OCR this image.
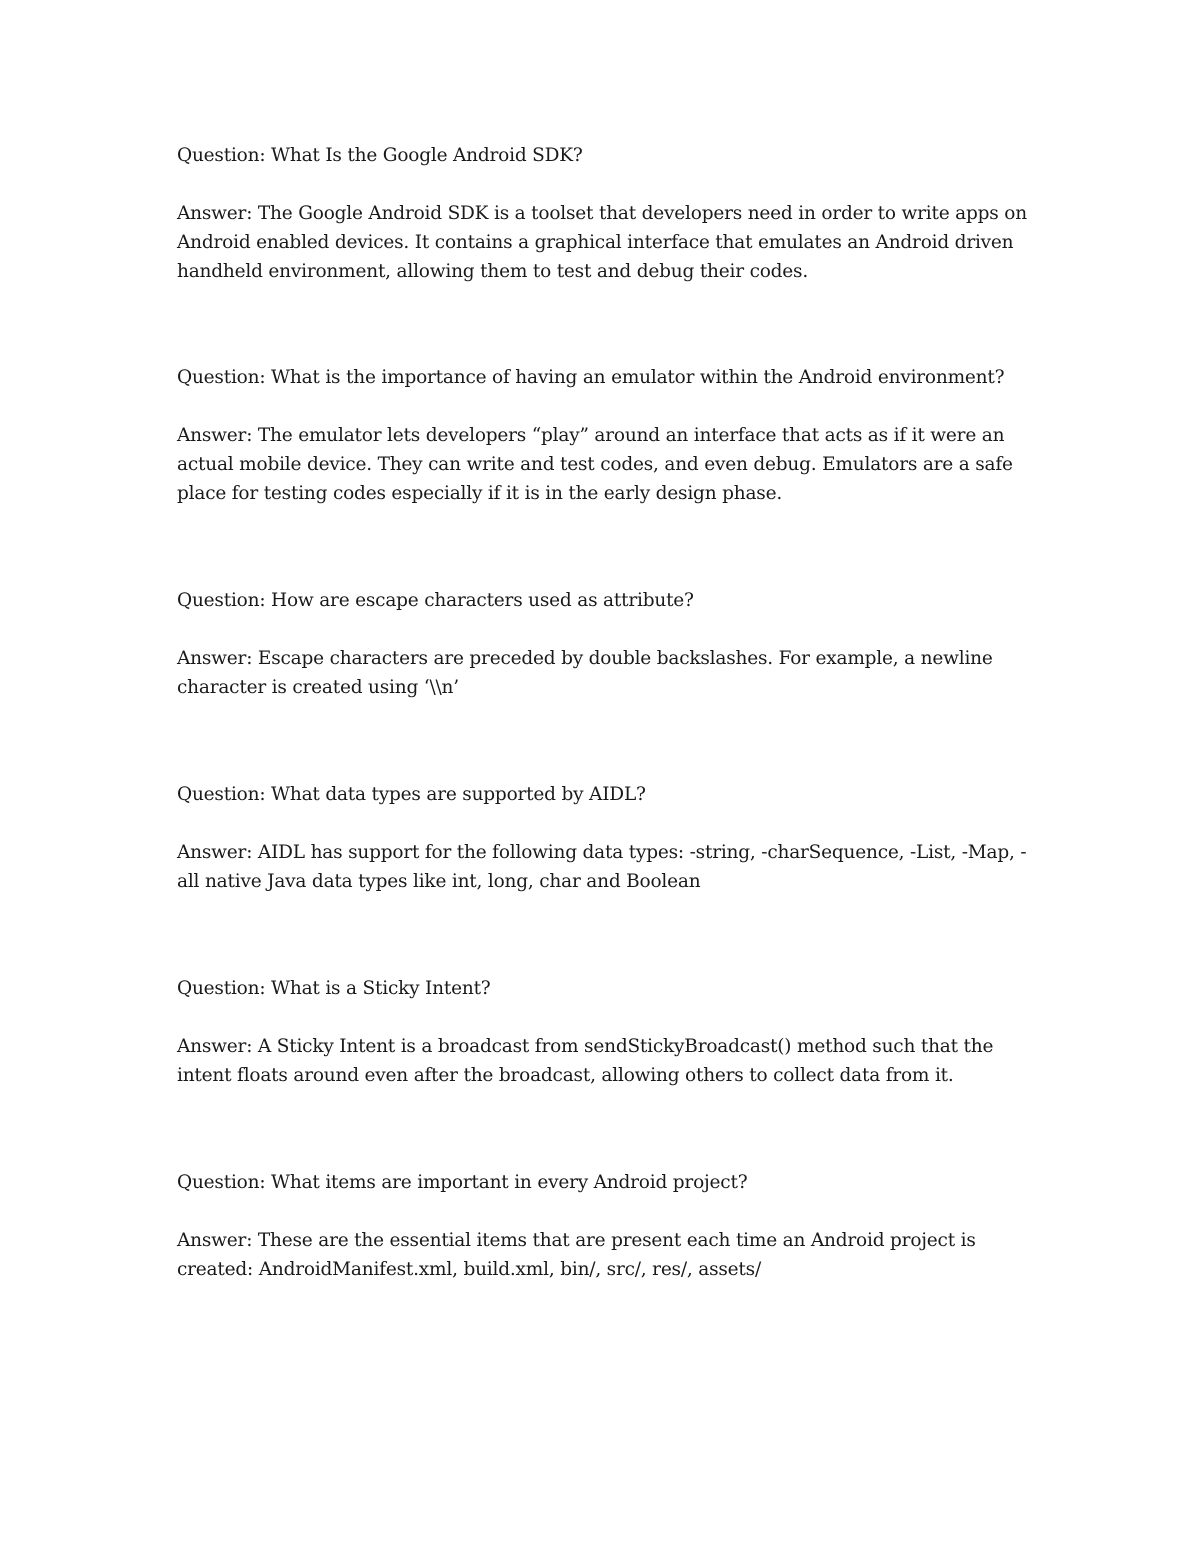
Question: What Is the Google Android SDK?
Answer: The Google Android SDK is a toolset that developers need in order to write apps on
Android enabled devices. It contains a graphical interface that emulates an Android driven
handheld environment, allowing them to test and debug their codes.
Question: What is the importance of having an emulator within the Android environment?
Answer: The emulator lets developers “play” around an interface that acts as if it were an
actual mobile device. They can write and test codes, and even debug. Emulators are a safe
place for testing codes especially if it is in the early design phase.
Question: How are escape characters used as attribute?
Answer: Escape characters are preceded by double backslashes. For example, a newline
character is created using ‘\\n’
Question: What data types are supported by AIDL?
Answer: AIDL has support for the following data types: -string, -charSequence, -List, -Map, -
all native Java data types like int, long, char and Boolean
Question: What is a Sticky Intent?
Answer: A Sticky Intent is a broadcast from sendStickyBroadcast() method such that the
intent floats around even after the broadcast, allowing others to collect data from it.
Question: What items are important in every Android project?
Answer: These are the essential items that are present each time an Android project is
created: AndroidManifest.xml, build.xml, bin/, src/, res/, assets/
